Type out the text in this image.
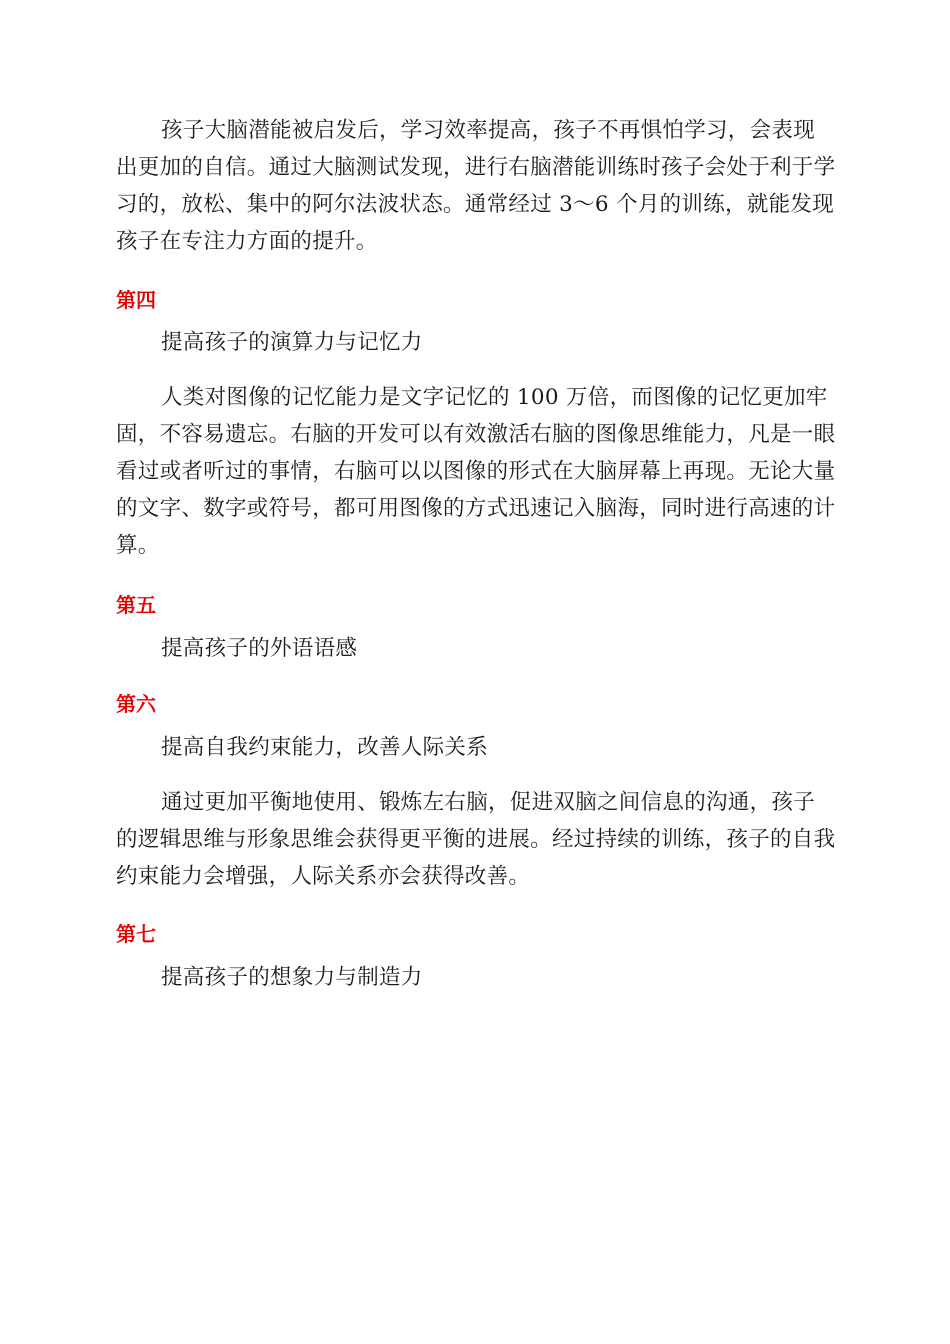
孩子大脑潜能被启发后，学习效率提高，孩子不再惧怕学习，会表现出更加的自信。通过大脑测试发现，进行右脑潜能训练时孩子会处于利于学习的，放松、集中的阿尔法波状态。通常经过 3～6 个月的训练，就能发现孩子在专注力方面的提升。

第四

提高孩子的演算力与记忆力

人类对图像的记忆能力是文字记忆的 100 万倍，而图像的记忆更加牢固，不容易遗忘。右脑的开发可以有效激活右脑的图像思维能力，凡是一眼看过或者听过的事情，右脑可以以图像的形式在大脑屏幕上再现。无论大量的文字、数字或符号，都可用图像的方式迅速记入脑海，同时进行高速的计算。

第五

提高孩子的外语语感

第六

提高自我约束能力，改善人际关系

通过更加平衡地使用、锻炼左右脑，促进双脑之间信息的沟通，孩子的逻辑思维与形象思维会获得更平衡的进展。经过持续的训练，孩子的自我约束能力会增强，人际关系亦会获得改善。

第七

提高孩子的想象力与制造力
